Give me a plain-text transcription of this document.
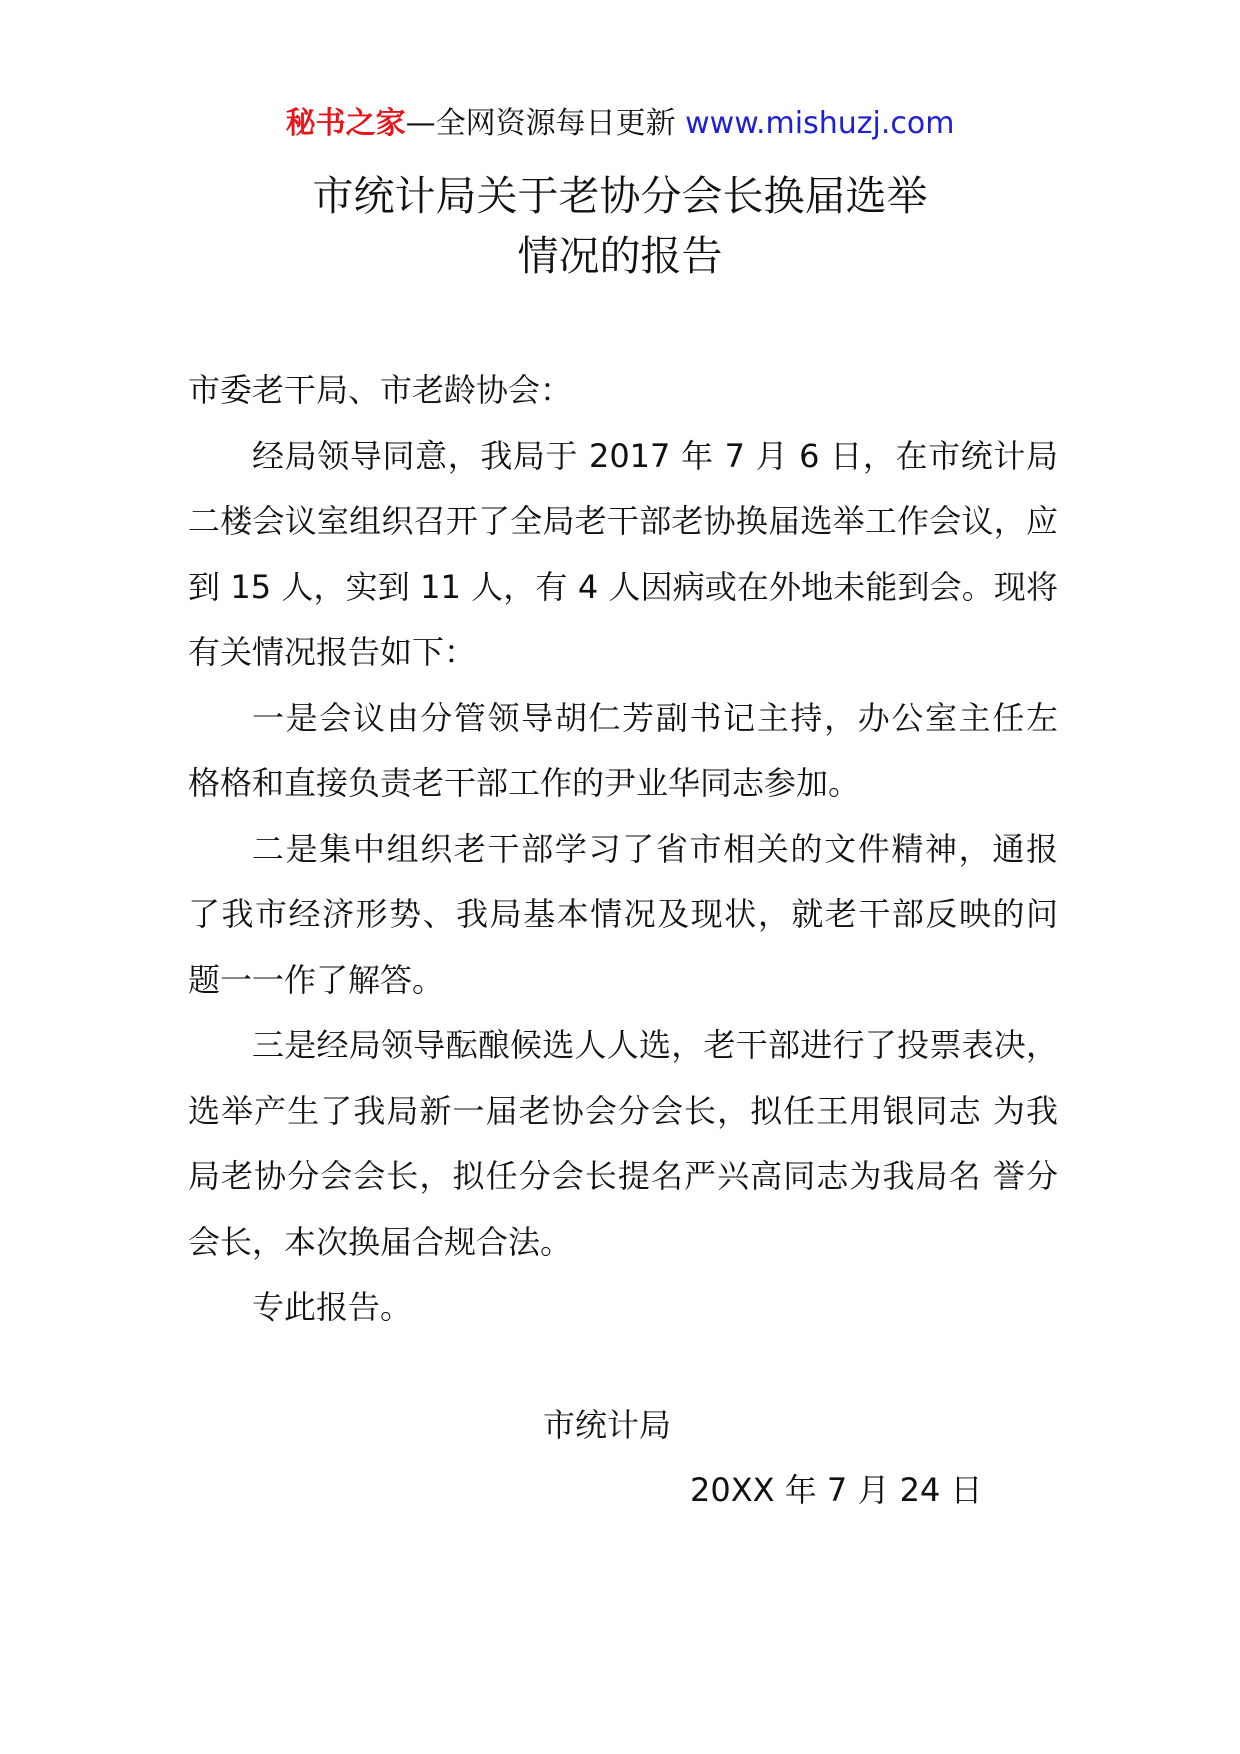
秘书之家—全网资源每日更新 www.mishuzj.com
市统计局关于老协分会长换届选举
情况的报告

市委老干局、市老龄协会：

经局领导同意，我局于 2017 年 7 月 6 日，在市统计局二楼会议室组织召开了全局老干部老协换届选举工作会议，应到 15 人，实到 11 人，有 4 人因病或在外地未能到会。现将有关情况报告如下：

一是会议由分管领导胡仁芳副书记主持，办公室主任左 格格和直接负责老干部工作的尹业华同志参加。

二是集中组织老干部学习了省市相关的文件精神，通报 了我市经济形势、我局基本情况及现状，就老干部反映的问 题一一作了解答。

三是经局领导酝酿候选人人选，老干部进行了投票表决，选举产生了我局新一届老协会分会长，拟任王用银同志 为我局老协分会会长，拟任分会长提名严兴高同志为我局名 誉分会长，本次换届合规合法。

专此报告。

市统计局
20XX 年 7 月 24 日
